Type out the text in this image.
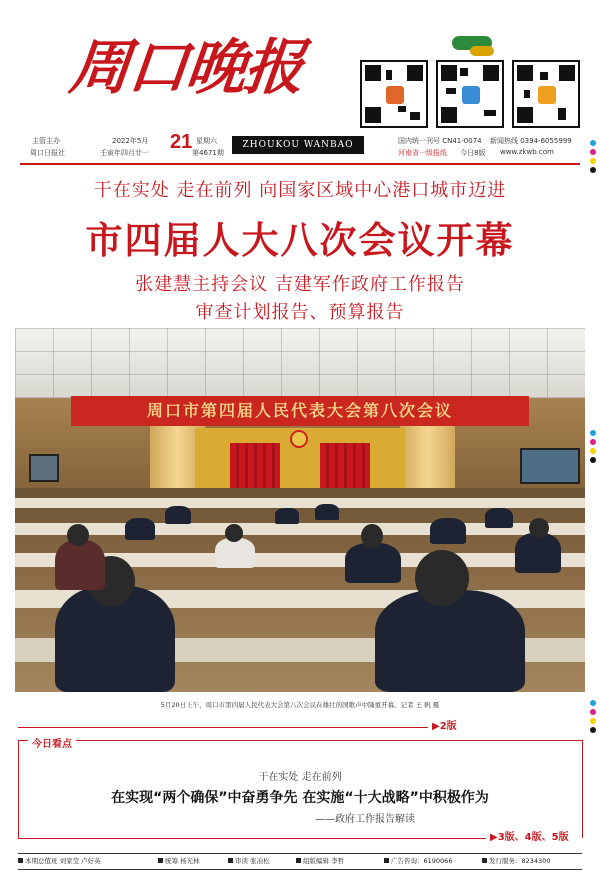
周口晚报
主管主办
周口日报社
2022年5月	星期六
壬寅年四月廿一	第4671期
国内统一刊号 CN41-0074 新闻热线 0394-6055999
河南省一级报纸 今日8版 www.zkwb.com
21	ZHOUKOU WANBAO
干在实处 走在前列 向国家区域中心港口城市迈进
市四届人大八次会议开幕
张建慧主持会议 吉建军作政府工作报告
审查计划报告、预算报告
周口市第四届人民代表大会第八次会议
5月20日上午，周口市第四届人民代表大会第八次会议在雄壮的国歌声中隆重开幕。记者 王 帆 摄
▶2版
今日看点
干在实处 走在前列
在实现“两个确保”中奋勇争先 在实施“十大战略”中积极作为
——政府工作报告解读
▶3版、4版、5版
本期总值班 刘家莹 卢好英	统筹 杨光林	审读 张冶松	组版编辑 李哲	广告咨询：6190066	发行服务：8234300
